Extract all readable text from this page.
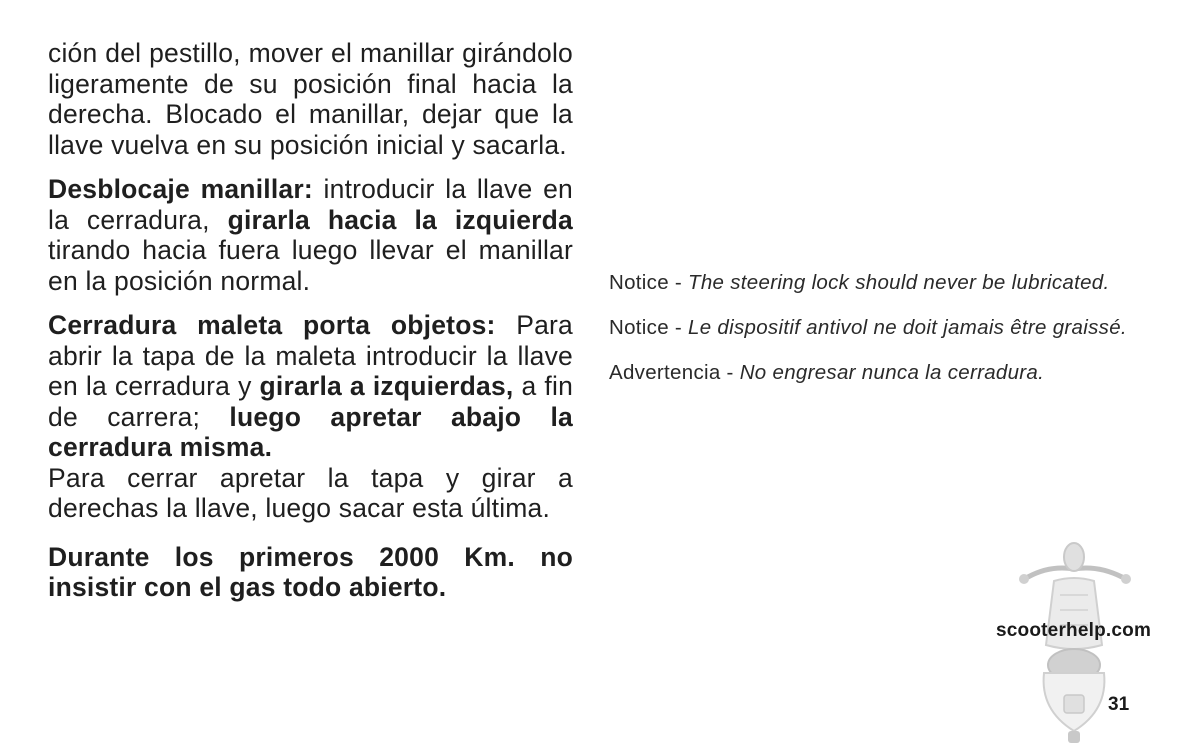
ción del pestillo, mover el manillar girándolo ligeramente de su posición final hacia la derecha. Blocado el manillar, dejar que la llave vuelva en su posición inicial y sacarla.

Desblocaje manillar: introducir la llave en la cerradura, girarla hacia la izquierda tirando hacia fuera luego llevar el manillar en la posición normal.

Cerradura maleta porta objetos: Para abrir la tapa de la maleta introducir la llave en la cerradura y girarla a izquierdas, a fin de carrera; luego apretar abajo la cerradura misma.

Para cerrar apretar la tapa y girar a derechas la llave, luego sacar esta última.

Durante los primeros 2000 Km. no insistir con el gas todo abierto.

Notice - The steering lock should never be lubricated.

Notice - Le dispositif antivol ne doit jamais être graissé.

Advertencia - No engresar nunca la cerradura.

scooterhelp.com
31
